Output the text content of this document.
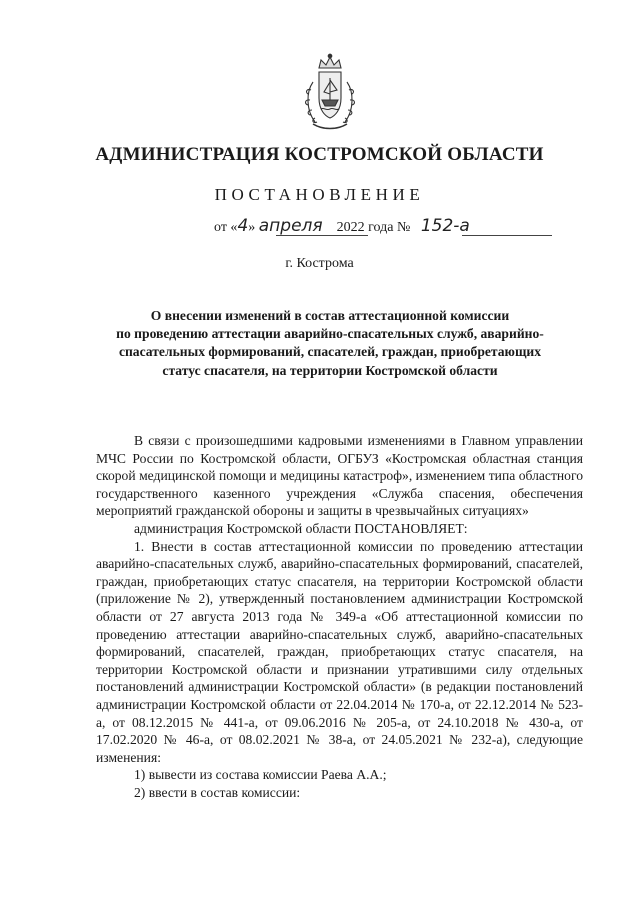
АДМИНИСТРАЦИЯ КОСТРОМСКОЙ ОБЛАСТИ
ПОСТАНОВЛЕНИЕ
от «4» апреля 2022 года № 152-а
г. Кострома
О внесении изменений в состав аттестационной комиссии
по проведению аттестации аварийно-спасательных служб, аварийно-
спасательных формирований, спасателей, граждан, приобретающих
статус спасателя, на территории Костромской области

В связи с произошедшими кадровыми изменениями в Главном управлении МЧС России по Костромской области, ОГБУЗ «Костромская областная станция скорой медицинской помощи и медицины катастроф», изменением типа областного государственного казенного учреждения «Служба спасения, обеспечения мероприятий гражданской обороны и защиты в чрезвычайных ситуациях»

администрация Костромской области ПОСТАНОВЛЯЕТ:

1. Внести в состав аттестационной комиссии по проведению аттестации аварийно-спасательных служб, аварийно-спасательных формирований, спасателей, граждан, приобретающих статус спасателя, на территории Костромской области (приложение № 2), утвержденный постановлением администрации Костромской области от 27 августа 2013 года № 349-а «Об аттестационной комиссии по проведению аттестации аварийно-спасательных служб, аварийно-спасательных формирований, спасателей, граждан, приобретающих статус спасателя, на территории Костромской области и признании утратившими силу отдельных постановлений администрации Костромской области» (в редакции постановлений администрации Костромской области от 22.04.2014 № 170-а, от 22.12.2014 № 523-а, от 08.12.2015 № 441-а, от 09.06.2016 № 205-а, от 24.10.2018 № 430-а, от 17.02.2020 № 46-а, от 08.02.2021 № 38-а, от 24.05.2021 № 232-а), следующие изменения:

1) вывести из состава комиссии Раева А.А.;

2) ввести в состав комиссии:
